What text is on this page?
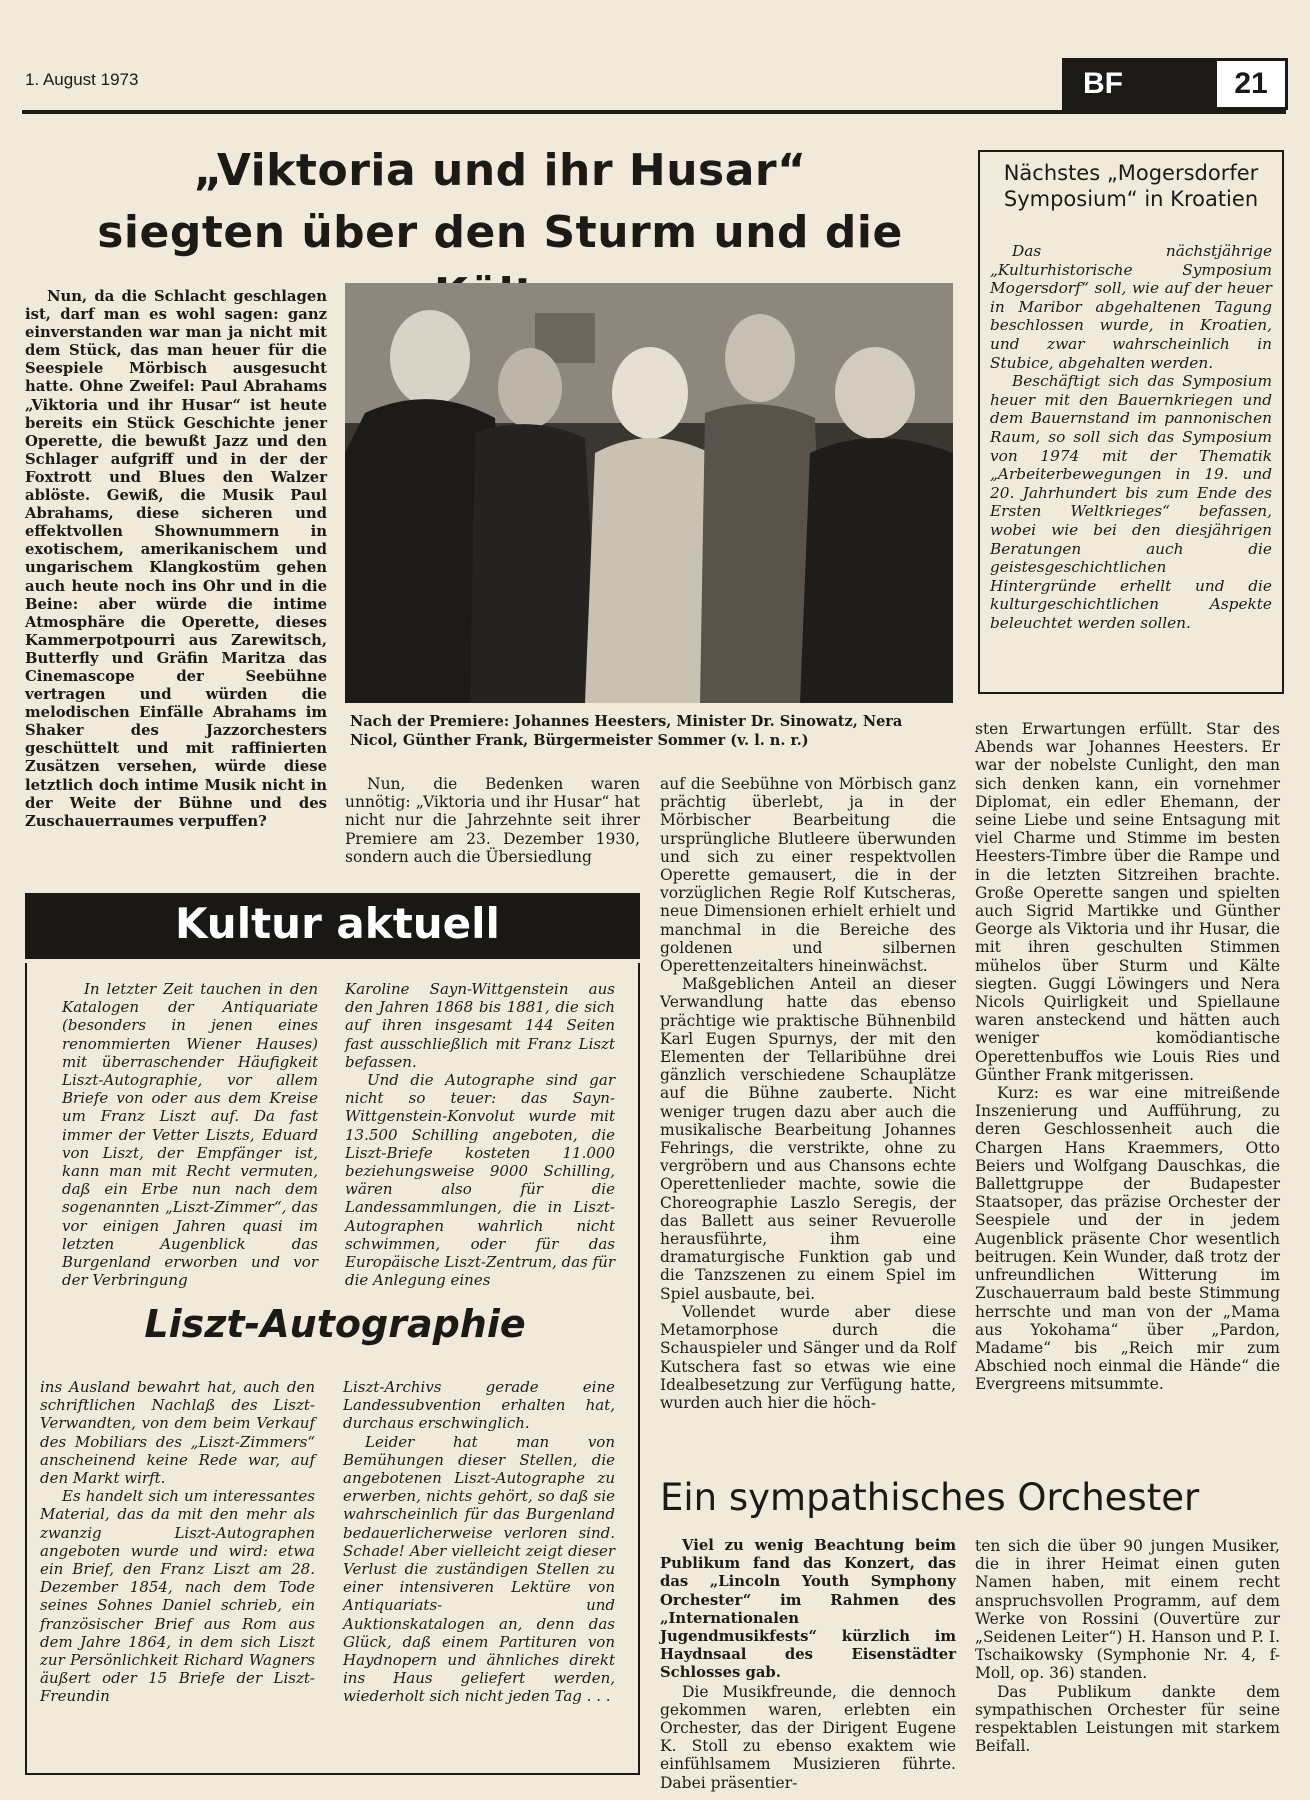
1. August 1973	BF	21
„Viktoria und ihr Husar“
siegten über den Sturm und die

Nun, da die Schlacht geschlagen ist, darf man es wohl sagen: ganz einverstanden war man ja nicht mit dem Stück, das man heuer für die Seespiele Mörbisch ausgesucht hatte. Ohne Zweifel: Paul Abrahams „Viktoria und ihr Husar“ ist heute bereits ein Stück Geschichte jener Operette, die bewußt Jazz und den Schlager aufgriff und in der der Foxtrott und Blues den Walzer ablöste. Gewiß, die Musik Paul Abrahams, diese sicheren und effektvollen Shownummern in exotischem, amerikanischem und ungarischem Klangkostüm gehen auch heute noch ins Ohr und in die Beine: aber würde die intime Atmosphäre die Operette, dieses Kammerpotpourri aus Zarewitsch, Butterfly und Gräfin Maritza das Cinemascope der Seebühne vertragen und würden die melodischen Einfälle Abrahams im Shaker des Jazzorchesters geschüttelt und mit raffinierten Zusätzen versehen, würde diese letztlich doch intime Musik nicht in der Weite der Bühne und des Zuschauerraumes verpuffen?

Nach der Premiere: Johannes Heesters, Minister Dr. Sinowatz, Nera Nicol, Günther Frank, Bürgermeister Sommer (v. l. n. r.)

Nun, die Bedenken waren unnötig: „Viktoria und ihr Husar“ hat nicht nur die Jahrzehnte seit ihrer Premiere am 23. Dezember 1930, sondern auch die Übersiedlung

auf die Seebühne von Mörbisch ganz prächtig überlebt, ja in der Mörbischer Bearbeitung die ursprüngliche Blutleere überwunden und sich zu einer respektvollen Operette gemausert, die in der vorzüglichen Regie Rolf Kutscheras, neue Dimensionen erhielt erhielt und manchmal in die Bereiche des goldenen und silbernen Operettenzeitalters hineinwächst.

Maßgeblichen Anteil an dieser Verwandlung hatte das ebenso prächtige wie praktische Bühnenbild Karl Eugen Spurnys, der mit den Elementen der Tellaribühne drei gänzlich verschiedene Schauplätze auf die Bühne zauberte. Nicht weniger trugen dazu aber auch die musikalische Bearbeitung Johannes Fehrings, die verstrikte, ohne zu vergröbern und aus Chansons echte Operettenlieder machte, sowie die Choreographie Laszlo Seregis, der das Ballett aus seiner Revuerolle herausführte, ihm eine dramaturgische Funktion gab und die Tanzszenen zu einem Spiel im Spiel ausbaute, bei.

Vollendet wurde aber diese Metamorphose durch die Schauspieler und Sänger und da Rolf Kutschera fast so etwas wie eine Idealbesetzung zur Verfügung hatte, wurden auch hier die höch-

sten Erwartungen erfüllt. Star des Abends war Johannes Heesters. Er war der nobelste Cunlight, den man sich denken kann, ein vornehmer Diplomat, ein edler Ehemann, der seine Liebe und seine Entsagung mit viel Charme und Stimme im besten Heesters-Timbre über die Rampe und in die letzten Sitzreihen brachte. Große Operette sangen und spielten auch Sigrid Martikke und Günther George als Viktoria und ihr Husar, die mit ihren geschulten Stimmen mühelos über Sturm und Kälte siegten. Guggi Löwingers und Nera Nicols Quirligkeit und Spiellaune waren ansteckend und hätten auch weniger komödiantische Operettenbuffos wie Louis Ries und Günther Frank mitgerissen.

Kurz: es war eine mitreißende Inszenierung und Aufführung, zu deren Geschlossenheit auch die Chargen Hans Kraemmers, Otto Beiers und Wolfgang Dauschkas, die Ballettgruppe der Budapester Staatsoper, das präzise Orchester der Seespiele und der in jedem Augenblick präsente Chor wesentlich beitrugen. Kein Wunder, daß trotz der unfreundlichen Witterung im Zuschauerraum bald beste Stimmung herrschte und man von der „Mama aus Yokohama“ über „Pardon, Madame“ bis „Reich mir zum Abschied noch einmal die Hände“ die Evergreens mitsummte.

Nächstes „Mogersdorfer Symposium“ in Kroatien

Das nächstjährige „Kulturhistorische Symposium Mogersdorf“ soll, wie auf der heuer in Maribor abgehaltenen Tagung beschlossen wurde, in Kroatien, und zwar wahrscheinlich in Stubice, abgehalten werden.

Beschäftigt sich das Symposium heuer mit den Bauernkriegen und dem Bauernstand im pannonischen Raum, so soll sich das Symposium von 1974 mit der Thematik „Arbeiterbewegungen in 19. und 20. Jahrhundert bis zum Ende des Ersten Weltkrieges“ befassen, wobei wie bei den diesjährigen Beratungen auch die geistesgeschichtlichen Hintergründe erhellt und die kulturgeschichtlichen Aspekte beleuchtet werden sollen.

Kultur aktuell

In letzter Zeit tauchen in den Katalogen der Antiquariate (besonders in jenen eines renommierten Wiener Hauses) mit überraschender Häufigkeit Liszt-Autographie, vor allem Briefe von oder aus dem Kreise um Franz Liszt auf. Da fast immer der Vetter Liszts, Eduard von Liszt, der Empfänger ist, kann man mit Recht vermuten, daß ein Erbe nun nach dem sogenannten „Liszt-Zimmer“, das vor einigen Jahren quasi im letzten Augenblick das Burgenland erworben und vor der Verbringung

Karoline Sayn-Wittgenstein aus den Jahren 1868 bis 1881, die sich auf ihren insgesamt 144 Seiten fast ausschließlich mit Franz Liszt befassen.

Und die Autographe sind gar nicht so teuer: das Sayn-Wittgenstein-Konvolut wurde mit 13.500 Schilling angeboten, die Liszt-Briefe kosteten 11.000 beziehungsweise 9000 Schilling, wären also für die Landessammlungen, die in Liszt-Autographen wahrlich nicht schwimmen, oder für das Europäische Liszt-Zentrum, das für die Anlegung eines

Liszt-Autographie

ins Ausland bewahrt hat, auch den schriftlichen Nachlaß des Liszt-Verwandten, von dem beim Verkauf des Mobiliars des „Liszt-Zimmers“ anscheinend keine Rede war, auf den Markt wirft.

Es handelt sich um interessantes Material, das da mit den mehr als zwanzig Liszt-Autographen angeboten wurde und wird: etwa ein Brief, den Franz Liszt am 28. Dezember 1854, nach dem Tode seines Sohnes Daniel schrieb, ein französischer Brief aus Rom aus dem Jahre 1864, in dem sich Liszt zur Persönlichkeit Richard Wagners äußert oder 15 Briefe der Liszt-Freundin

Liszt-Archivs gerade eine Landessubvention erhalten hat, durchaus erschwinglich.

Leider hat man von Bemühungen dieser Stellen, die angebotenen Liszt-Autographe zu erwerben, nichts gehört, so daß sie wahrscheinlich für das Burgenland bedauerlicherweise verloren sind. Schade! Aber vielleicht zeigt dieser Verlust die zuständigen Stellen zu einer intensiveren Lektüre von Antiquariats- und Auktionskatalogen an, denn das Glück, daß einem Partituren von Haydnopern und ähnliches direkt ins Haus geliefert werden, wiederholt sich nicht jeden Tag . . .

Ein sympathisches Orchester

Viel zu wenig Beachtung beim Publikum fand das Konzert, das das „Lincoln Youth Symphony Orchester“ im Rahmen des „Internationalen Jugendmusikfests“ kürzlich im Haydnsaal des Eisenstädter Schlosses gab.

Die Musikfreunde, die dennoch gekommen waren, erlebten ein Orchester, das der Dirigent Eugene K. Stoll zu ebenso exaktem wie einfühlsamem Musizieren führte. Dabei präsentier-

ten sich die über 90 jungen Musiker, die in ihrer Heimat einen guten Namen haben, mit einem recht anspruchsvollen Programm, auf dem Werke von Rossini (Ouvertüre zur „Seidenen Leiter“) H. Hanson und P. I. Tschaikowsky (Symphonie Nr. 4, f-Moll, op. 36) standen.

Das Publikum dankte dem sympathischen Orchester für seine respektablen Leistungen mit starkem Beifall.
